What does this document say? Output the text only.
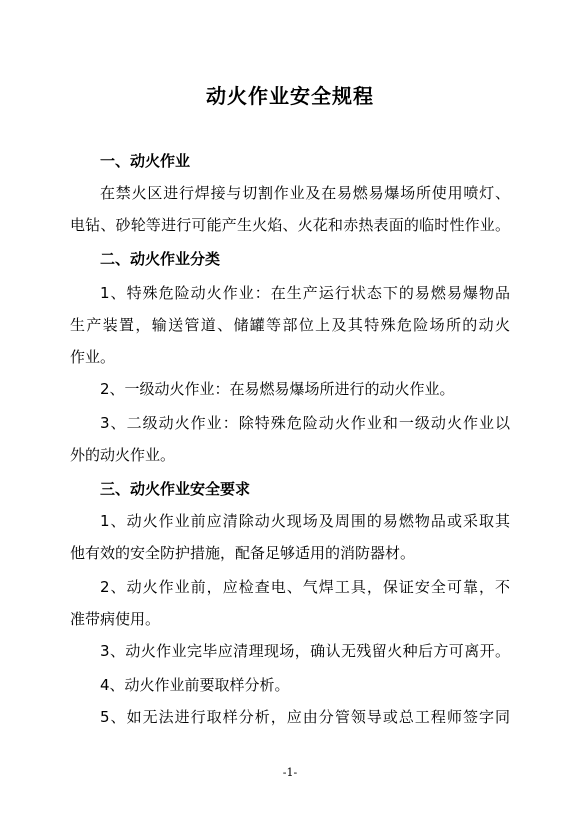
动火作业安全规程
一、动火作业
在禁火区进行焊接与切割作业及在易燃易爆场所使用喷灯、
电钻、砂轮等进行可能产生火焰、火花和赤热表面的临时性作业。
二、动火作业分类
1、特殊危险动火作业：在生产运行状态下的易燃易爆物品
生产装置，输送管道、储罐等部位上及其特殊危险场所的动火
作业。
2、一级动火作业：在易燃易爆场所进行的动火作业。
3、二级动火作业：除特殊危险动火作业和一级动火作业以
外的动火作业。
三、动火作业安全要求
1、动火作业前应清除动火现场及周围的易燃物品或采取其
他有效的安全防护措施，配备足够适用的消防器材。
2、动火作业前，应检查电、气焊工具，保证安全可靠，不
准带病使用。
3、动火作业完毕应清理现场，确认无残留火种后方可离开。
4、动火作业前要取样分析。
5、如无法进行取样分析，应由分管领导或总工程师签字同
-1-
